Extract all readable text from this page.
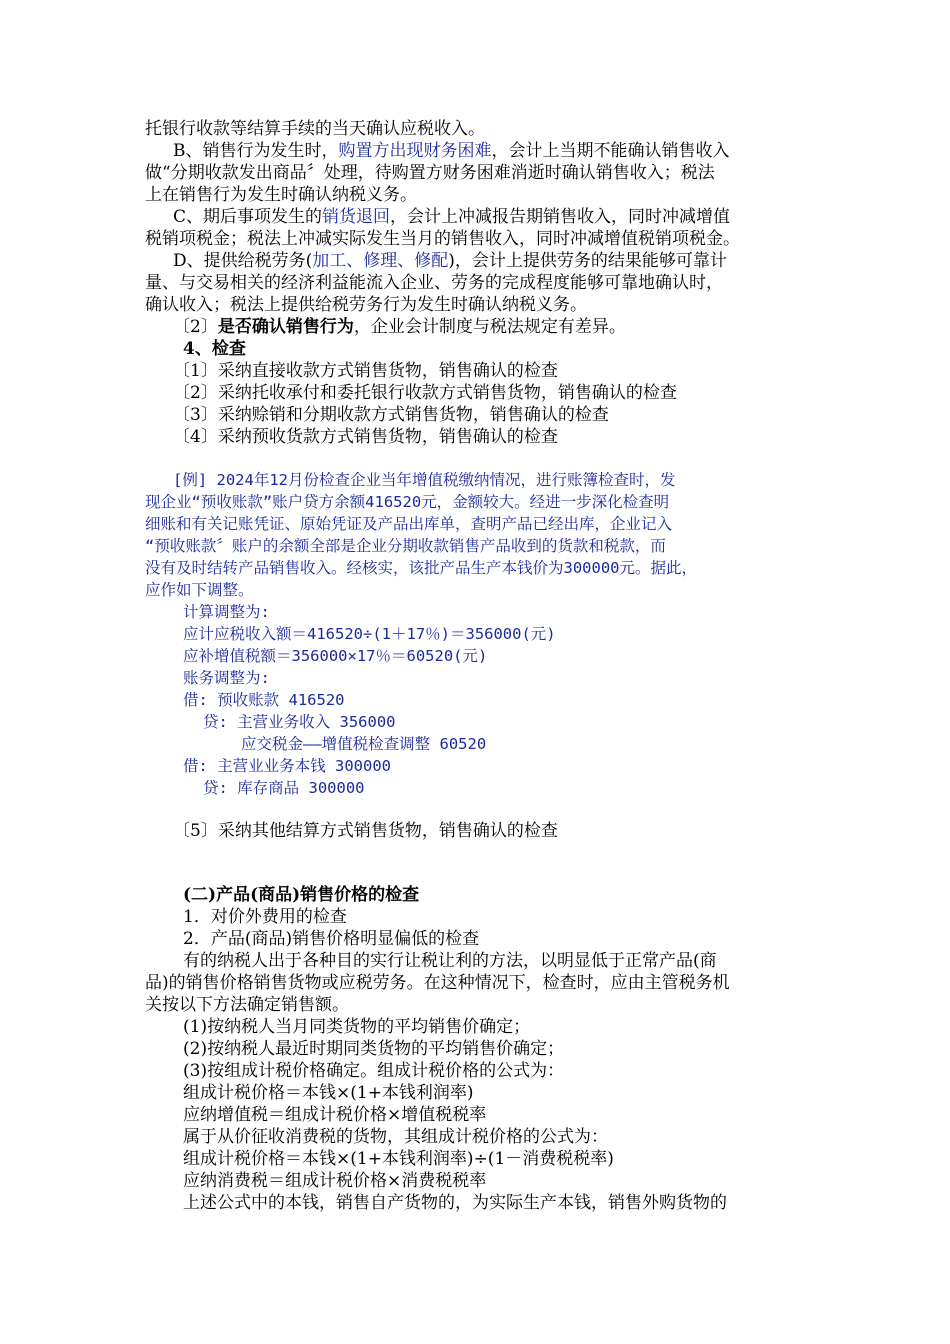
托银行收款等结算手续的当天确认应税收入。
B、销售行为发生时，购置方出现财务困难，会计上当期不能确认销售收入
做“分期收款发出商品〞处理，待购置方财务困难消逝时确认销售收入；税法
上在销售行为发生时确认纳税义务。
C、期后事项发生的销货退回，会计上冲减报告期销售收入，同时冲减增值
税销项税金；税法上冲减实际发生当月的销售收入，同时冲减增值税销项税金。
D、提供给税劳务(加工、修理、修配)，会计上提供劳务的结果能够可靠计
量、与交易相关的经济利益能流入企业、劳务的完成程度能够可靠地确认时，
确认收入；税法上提供给税劳务行为发生时确认纳税义务。
〔2〕是否确认销售行为，企业会计制度与税法规定有差异。
4、检查
〔1〕采纳直接收款方式销售货物，销售确认的检查
〔2〕采纳托收承付和委托银行收款方式销售货物，销售确认的检查
〔3〕采纳赊销和分期收款方式销售货物，销售确认的检查
〔4〕采纳预收货款方式销售货物，销售确认的检查
[例] 2024年12月份检查企业当年增值税缴纳情况，进行账簿检查时，发
现企业“预收账款”账户贷方余额416520元，金额较大。经进一步深化检查明
细账和有关记账凭证、原始凭证及产品出库单，查明产品已经出库，企业记入
“预收账款〞账户的余额全部是企业分期收款销售产品收到的货款和税款，而
没有及时结转产品销售收入。经核实，该批产品生产本钱价为300000元。据此，
应作如下调整。
计算调整为:
应计应税收入额＝416520÷(1＋17％)＝356000(元)
应补增值税额＝356000×17％＝60520(元)
账务调整为:
借: 预收账款 416520
贷: 主营业务收入 356000
应交税金——增值税检查调整 60520
借: 主营业业务本钱 300000
贷: 库存商品 300000
〔5〕采纳其他结算方式销售货物，销售确认的检查
(二)产品(商品)销售价格的检查
1．对价外费用的检查
2．产品(商品)销售价格明显偏低的检查
有的纳税人出于各种目的实行让税让利的方法，以明显低于正常产品(商
品)的销售价格销售货物或应税劳务。在这种情况下，检查时，应由主管税务机
关按以下方法确定销售额。
(1)按纳税人当月同类货物的平均销售价确定；
(2)按纳税人最近时期同类货物的平均销售价确定；
(3)按组成计税价格确定。组成计税价格的公式为：
组成计税价格＝本钱×(1+本钱利润率)
应纳增值税＝组成计税价格×增值税税率
属于从价征收消费税的货物，其组成计税价格的公式为：
组成计税价格＝本钱×(1+本钱利润率)÷(1－消费税税率)
应纳消费税＝组成计税价格×消费税税率
上述公式中的本钱，销售自产货物的，为实际生产本钱，销售外购货物的
